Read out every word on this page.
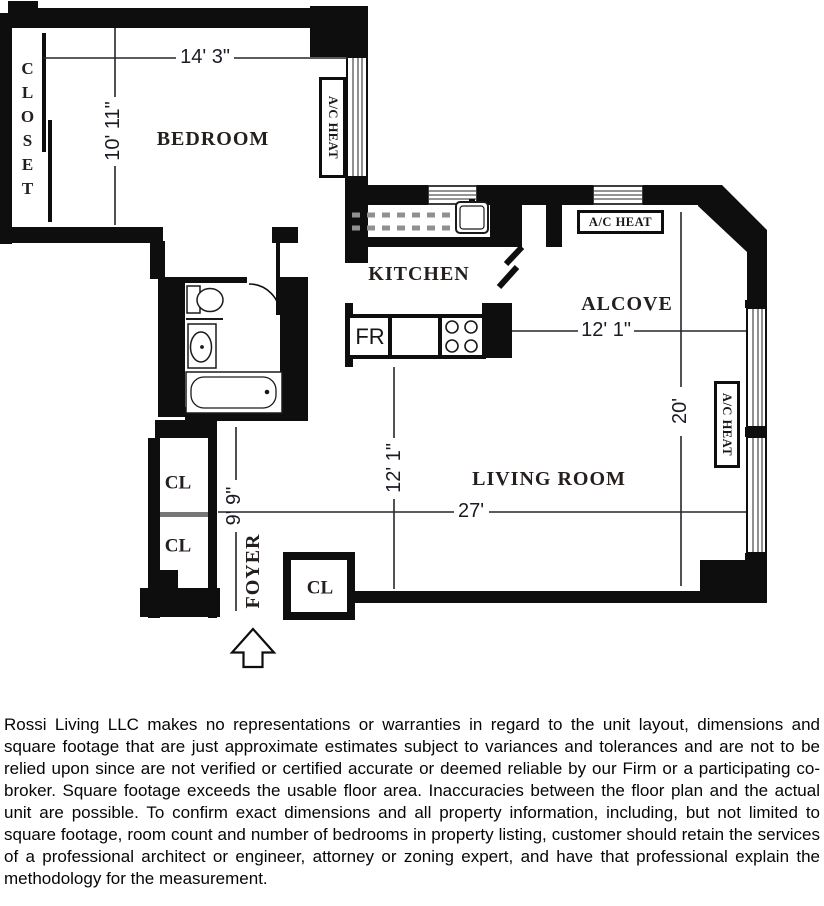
CLOSET	BEDROOM
KITCHEN
ALCOVE
LIVING ROOM
FOYER
CL
CL
CL
FR
14' 3"
10' 11"
12' 1"
20'
27'
12' 1"
9' 9"
A/C HEAT
A/C HEAT
A/C HEAT

Rossi Living LLC makes no representations or warranties in regard to the unit layout, dimensions and square footage that are just approximate estimates subject to variances and tolerances and are not to be relied upon since are not verified or certified accurate or deemed reliable by our Firm or a participating co-broker. Square footage exceeds the usable floor area. Inaccuracies between the floor plan and the actual unit are possible. To confirm exact dimensions and all property information, including, but not limited to square footage, room count and number of bedrooms in property listing, customer should retain the services of a professional architect or engineer, attorney or zoning expert, and have that professional explain the methodology for the measurement.
